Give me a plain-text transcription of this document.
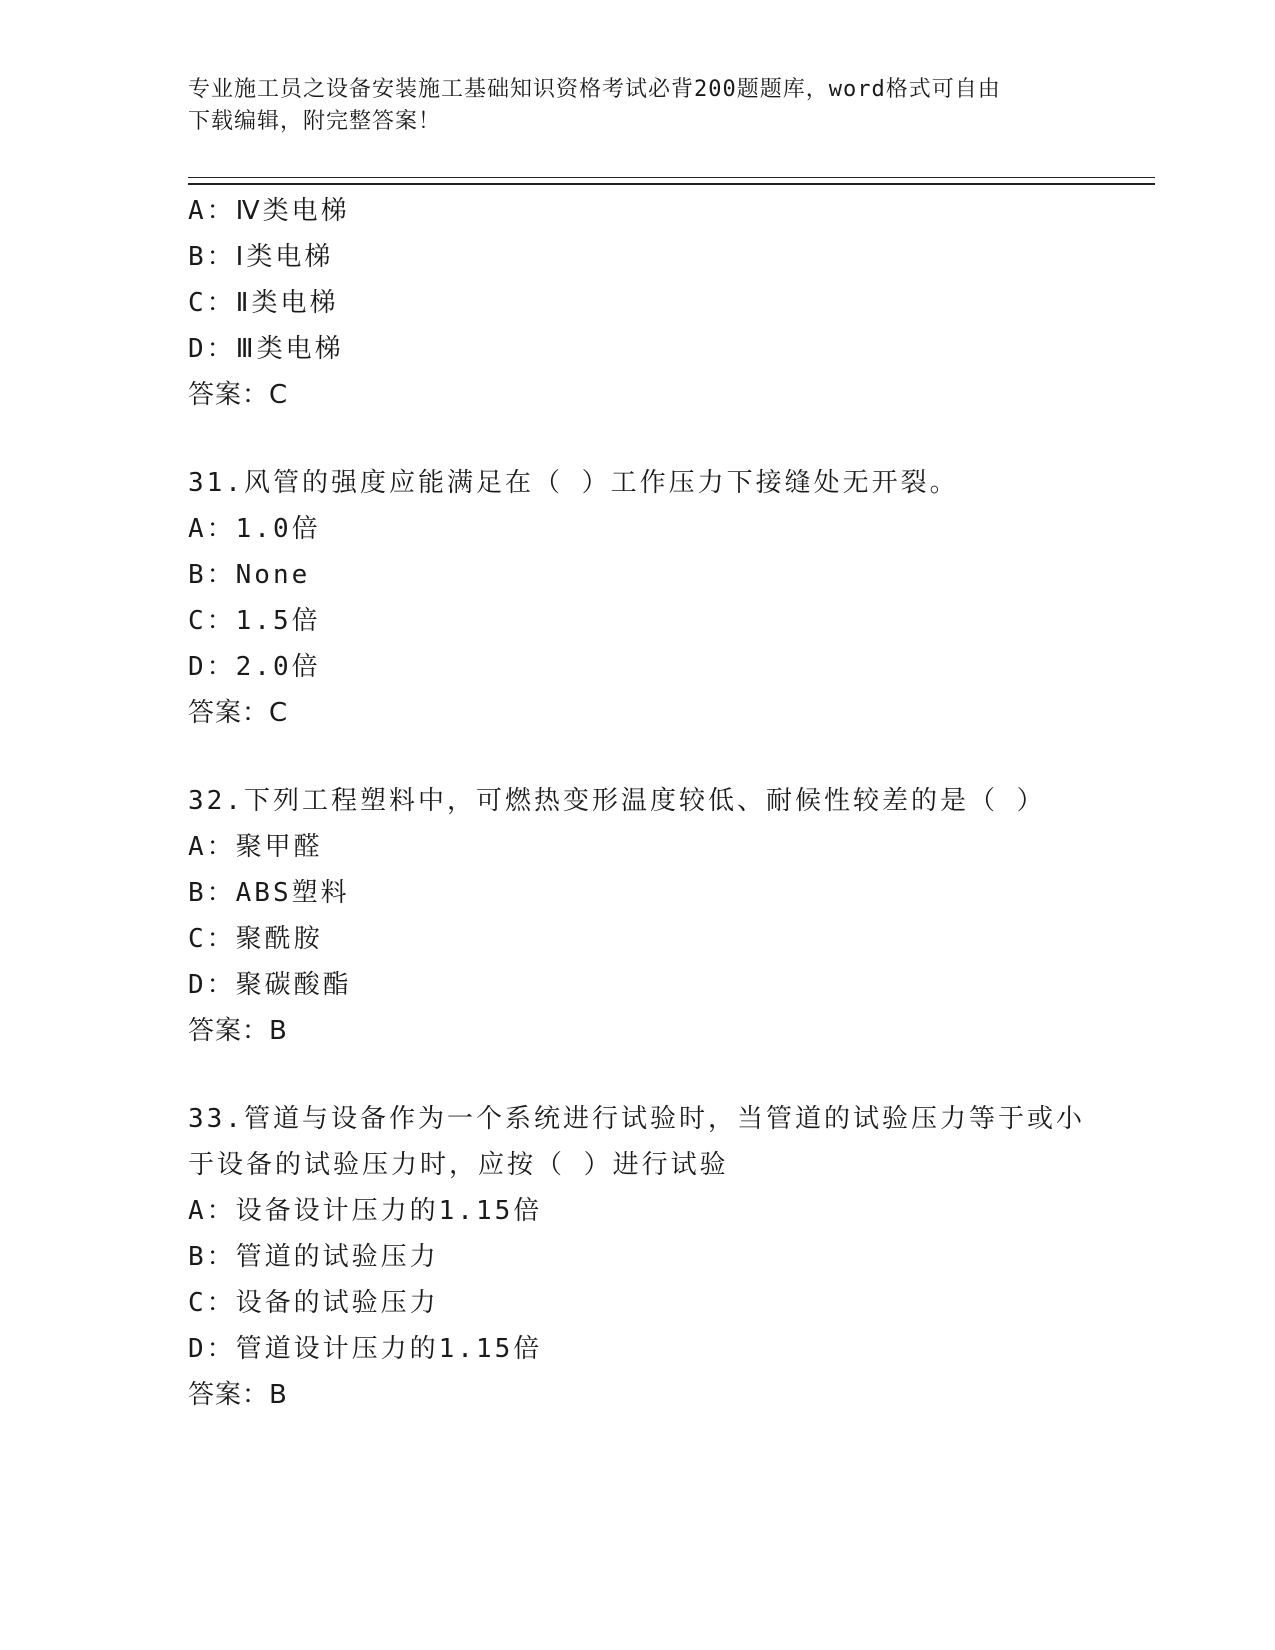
专业施工员之设备安装施工基础知识资格考试必背200题题库，word格式可自由
下载编辑，附完整答案！
A：Ⅳ类电梯
B：Ⅰ类电梯
C：Ⅱ类电梯
D：Ⅲ类电梯
答案：C
31.风管的强度应能满足在（ ）工作压力下接缝处无开裂。
A：1.0倍
B：None
C：1.5倍
D：2.0倍
答案：C
32.下列工程塑料中，可燃热变形温度较低、耐候性较差的是（ ）
A：聚甲醛
B：ABS塑料
C：聚酰胺
D：聚碳酸酯
答案：B
33.管道与设备作为一个系统进行试验时，当管道的试验压力等于或小
于设备的试验压力时，应按（ ）进行试验
A：设备设计压力的1.15倍
B：管道的试验压力
C：设备的试验压力
D：管道设计压力的1.15倍
答案：B
